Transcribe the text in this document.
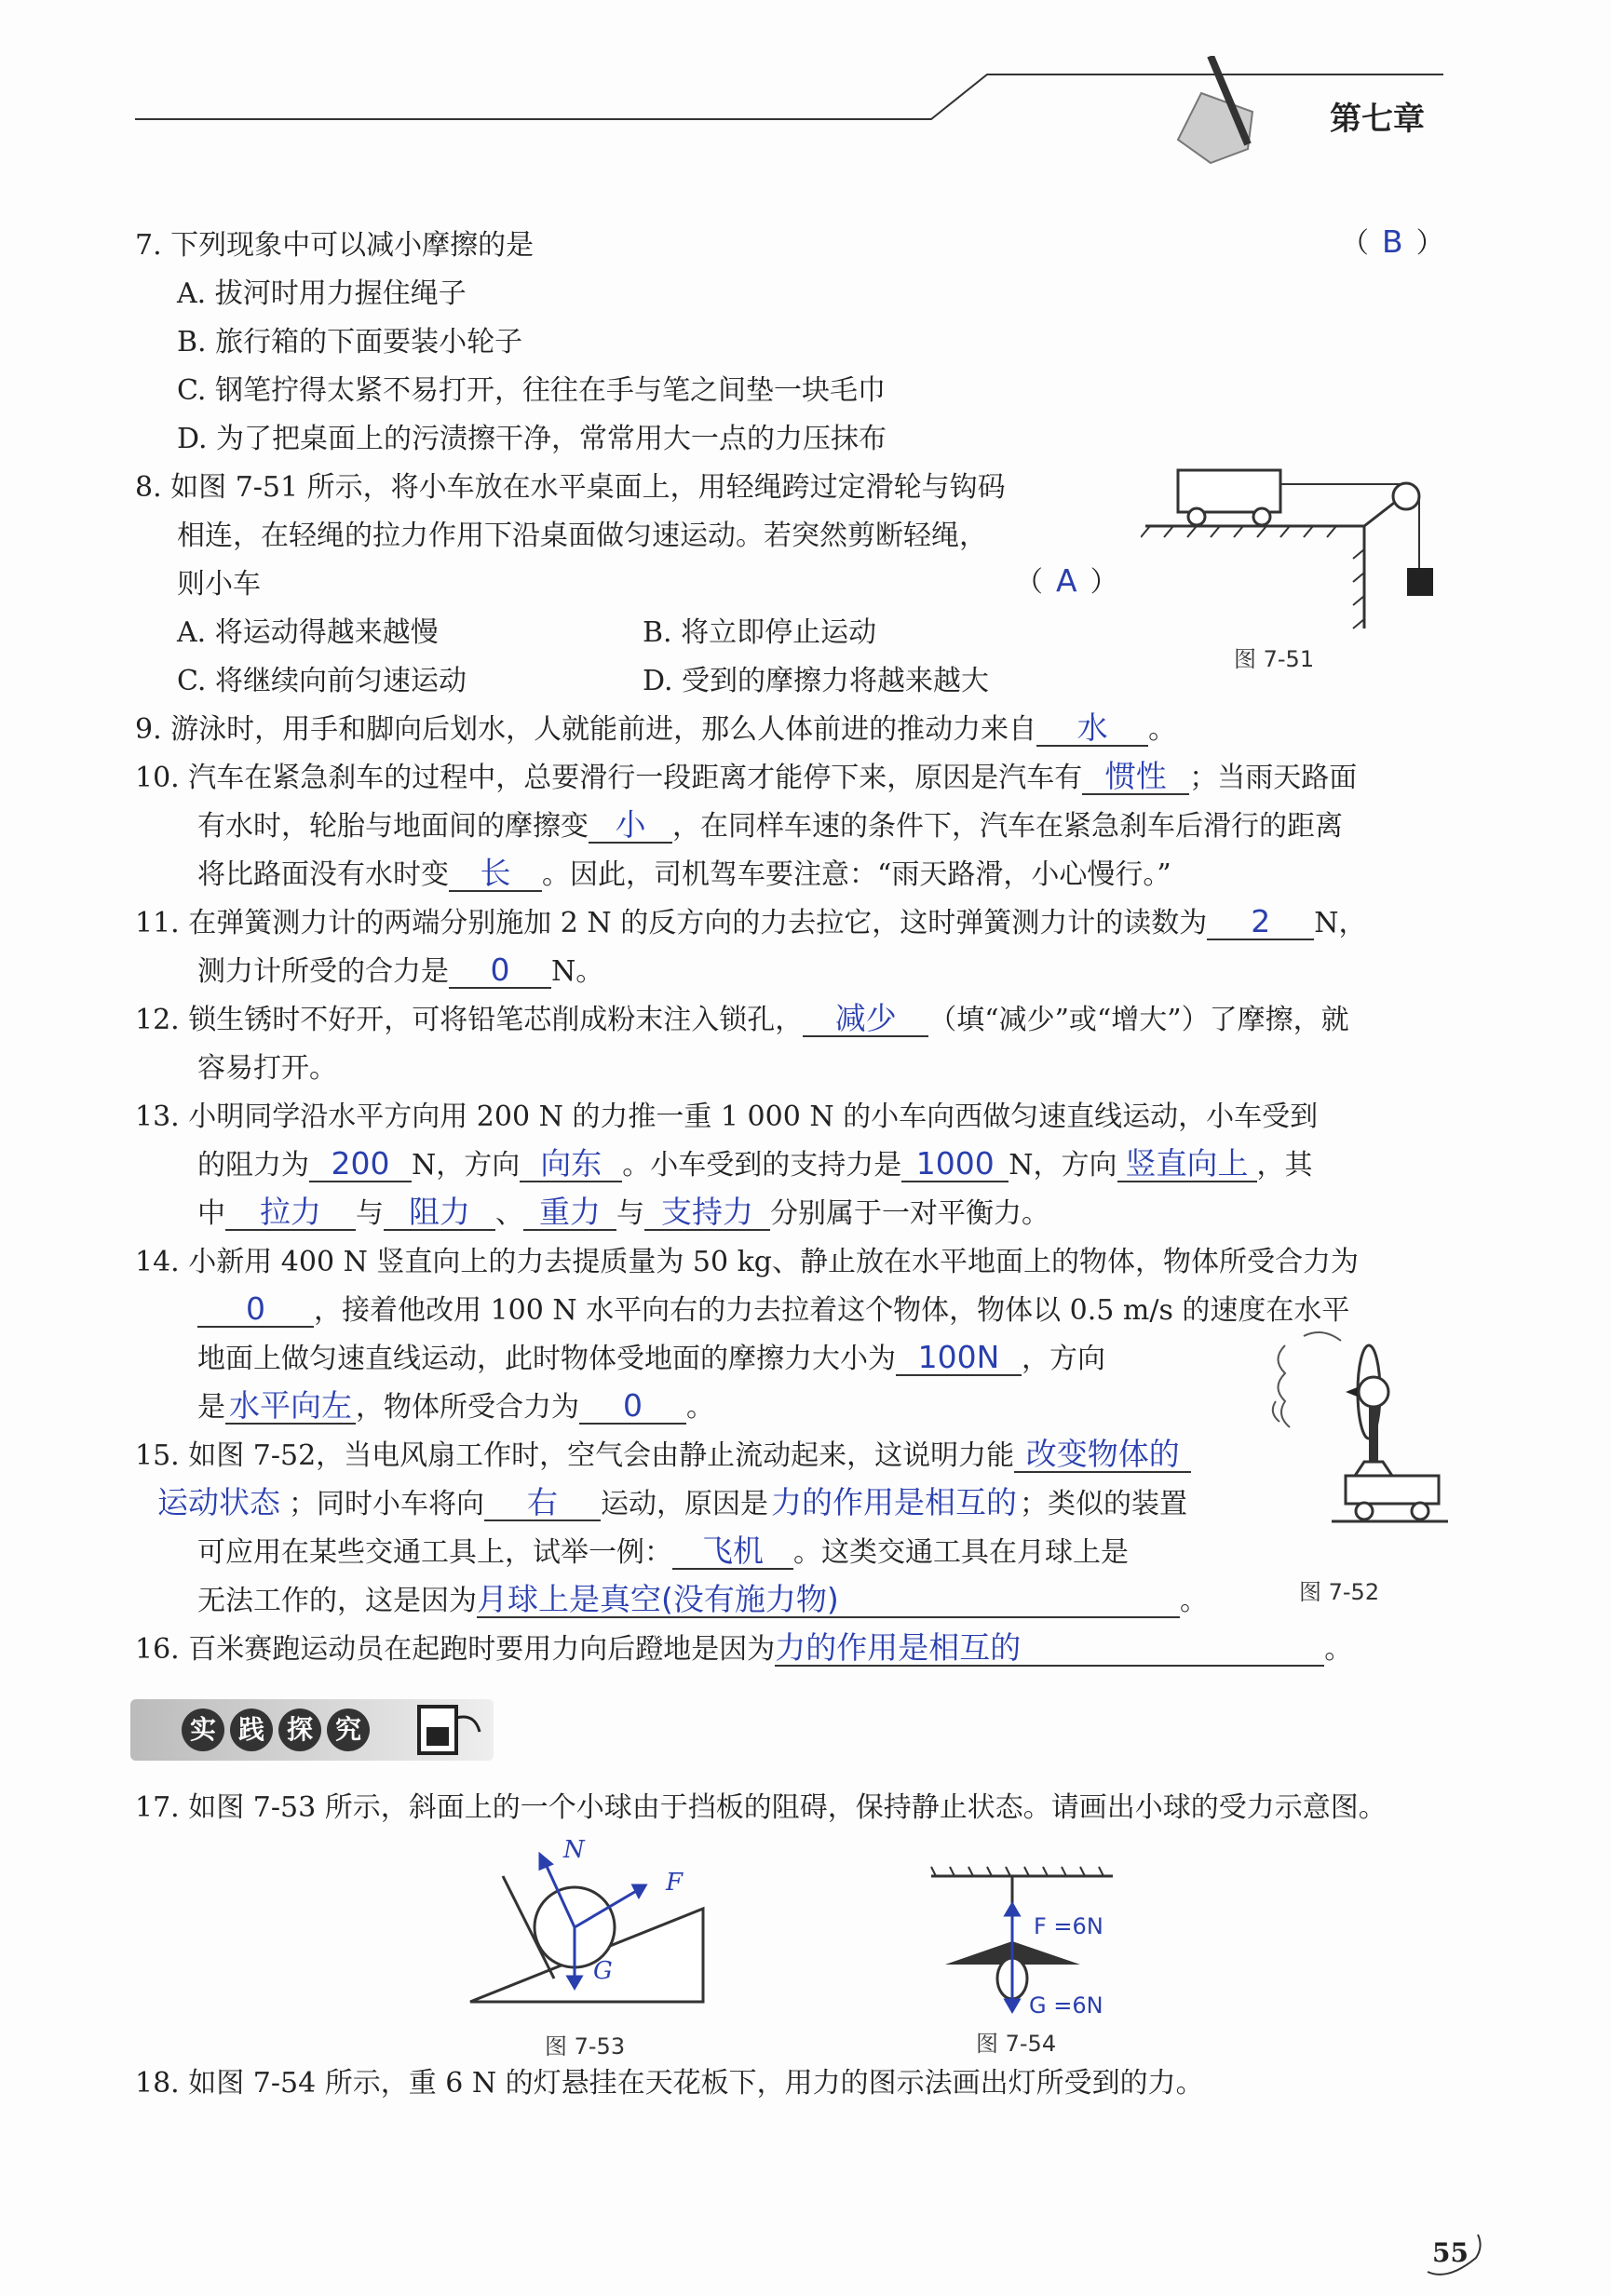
第七章
7. 下列现象中可以减小摩擦的是	（ B ）
A. 拔河时用力握住绳子
B. 旅行箱的下面要装小轮子
C. 钢笔拧得太紧不易打开，往往在手与笔之间垫一块毛巾
D. 为了把桌面上的污渍擦干净，常常用大一点的力压抹布
8. 如图 7-51 所示，将小车放在水平桌面上，用轻绳跨过定滑轮与钩码
相连，在轻绳的拉力作用下沿桌面做匀速运动。若突然剪断轻绳，
则小车	（ A ）
A. 将运动得越来越慢	B. 将立即停止运动
C. 将继续向前匀速运动	D. 受到的摩擦力将越来越大
图 7-51
9. 游泳时，用手和脚向后划水，人就能前进，那么人体前进的推动力来自 水 。
10. 汽车在紧急刹车的过程中，总要滑行一段距离才能停下来，原因是汽车有 惯性 ；当雨天路面
有水时，轮胎与地面间的摩擦变 小 ，在同样车速的条件下，汽车在紧急刹车后滑行的距离
将比路面没有水时变 长 。因此，司机驾车要注意：“雨天路滑，小心慢行。”
11. 在弹簧测力计的两端分别施加 2 N 的反方向的力去拉它，这时弹簧测力计的读数为 2 N，
测力计所受的合力是 0 N。
12. 锁生锈时不好开，可将铅笔芯削成粉末注入锁孔， 减少 （填“减少”或“增大”）了摩擦，就
容易打开。
13. 小明同学沿水平方向用 200 N 的力推一重 1 000 N 的小车向西做匀速直线运动，小车受到
的阻力为 200 N，方向 向东 。小车受到的支持力是 1000 N，方向 竖直向上 ，其
中 拉力 与 阻力 、 重力 与 支持力 分别属于一对平衡力。
14. 小新用 400 N 竖直向上的力去提质量为 50 kg、静止放在水平地面上的物体，物体所受合力为
0 ，接着他改用 100 N 水平向右的力去拉着这个物体，物体以 0.5 m/s 的速度在水平
地面上做匀速直线运动，此时物体受地面的摩擦力大小为 100N ，方向
是 水平向左 ，物体所受合力为 0 。
15. 如图 7-52，当电风扇工作时，空气会由静止流动起来，这说明力能 改变物体的
运动状态 ；同时小车将向 右 运动，原因是力的作用是相互的 ；类似的装置
可应用在某些交通工具上，试举一例： 飞机 。这类交通工具在月球上是
无法工作的，这是因为月球上是真空(没有施力物)	。	图 7-52
16. 百米赛跑运动员在起跑时要用力向后蹬地是因为力的作用是相互的	。
实 践 探 究
17. 如图 7-53 所示，斜面上的一个小球由于挡板的阻碍，保持静止状态。请画出小球的受力示意图。
N
F
G
图 7-53
F =6N
G =6N
图 7-54
18. 如图 7-54 所示，重 6 N 的灯悬挂在天花板下，用力的图示法画出灯所受到的力。
55
